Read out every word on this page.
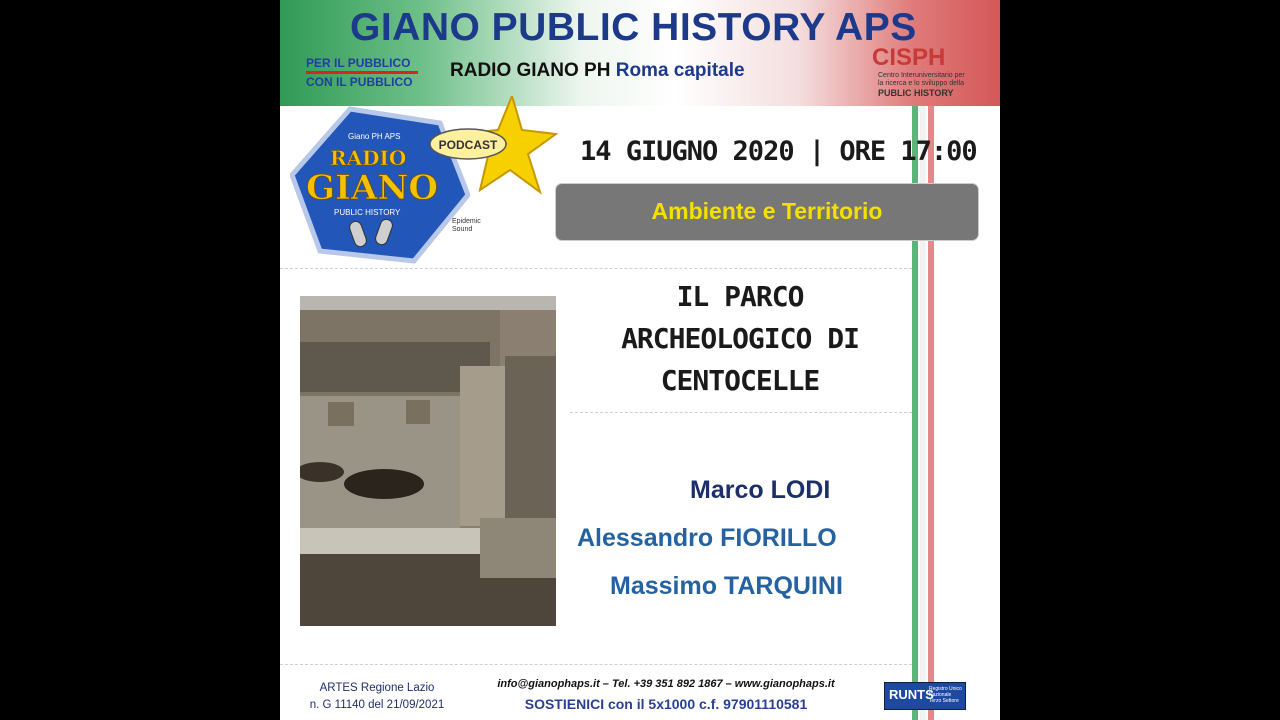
GIANO PUBLIC HISTORY APS
PER IL PUBBLICO
CON IL PUBBLICO
RADIO GIANO PH Roma capitale	CISPH
Centro Interuniversitario per
la ricerca e lo sviluppo della
PUBLIC HISTORY
Giano PH APS
RADIO
GIANO
PUBLIC HISTORY
PODCAST
Epidemic
Sound
14 GIUGNO 2020 | ORE 17:00
Ambiente e Territorio
IL PARCO
ARCHEOLOGICO DI
CENTOCELLE
Marco LODI
Alessandro FIORILLO
Massimo TARQUINI
ARTES Regione Lazio
n. G 11140 del 21/09/2021
info@gianophaps.it – Tel. +39 351 892 1867 – www.gianophaps.it
SOSTIENICI con il 5x1000 c.f. 97901110581
RUNTS
Registro Unico
Nazionale
Terzo Settore
